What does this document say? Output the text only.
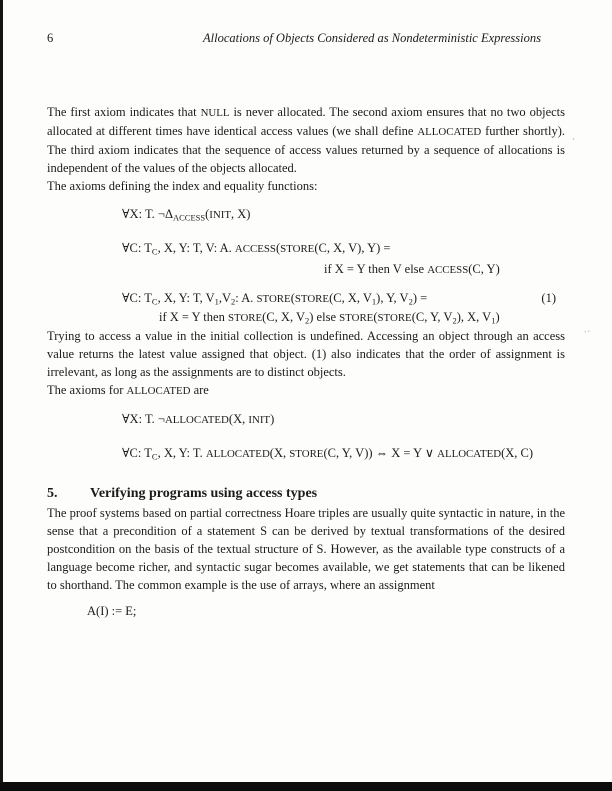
6	Allocations of Objects Considered as Nondeterministic Expressions

The first axiom indicates that NULL is never allocated. The second axiom ensures that no two objects allocated at different times have identical access values (we shall define ALLOCATED further shortly). The third axiom indicates that the sequence of access values returned by a sequence of allocations is independent of the values of the objects allocated.

The axioms defining the index and equality functions:

∀X: T. $\neg\Delta_{ACCESS}(INIT$, X)
∀C: $T_C$, X, Y: T, V: A. ACCESS(STORE(C, X, V), Y) =
if X = Y then V else ACCESS(C, Y)
∀C: $T_C$, X, Y: T, $V_1,V_2$: A. STORE(STORE(C, X, $V_1$), Y, $V_2$) =	(1)
if X = Y then STORE(C, X, $V_2$) else STORE(STORE(C, Y, $V_2$), X, $V_1$)

Trying to access a value in the initial collection is undefined. Accessing an object through an access value returns the latest value assigned that object. (1) also indicates that the order of assignment is irrelevant, as long as the assignments are to distinct objects.

The axioms for ALLOCATED are

∀X: T. ¬ALLOCATED(X, INIT)
∀C: $T_C$, X, Y: T. ALLOCATED(X, STORE(C, Y, V)) ⇔ X = Y ∨ ALLOCATED(X, C)
5.	Verifying programs using access types

The proof systems based on partial correctness Hoare triples are usually quite syntactic in nature, in the sense that a precondition of a statement S can be derived by textual transformations of the desired postcondition on the basis of the textual structure of S. However, as the available type constructs of a language become richer, and syntactic sugar becomes available, we get statements that can be likened to shorthand. The common example is the use of arrays, where an assignment

A(I) := E;
·
··
